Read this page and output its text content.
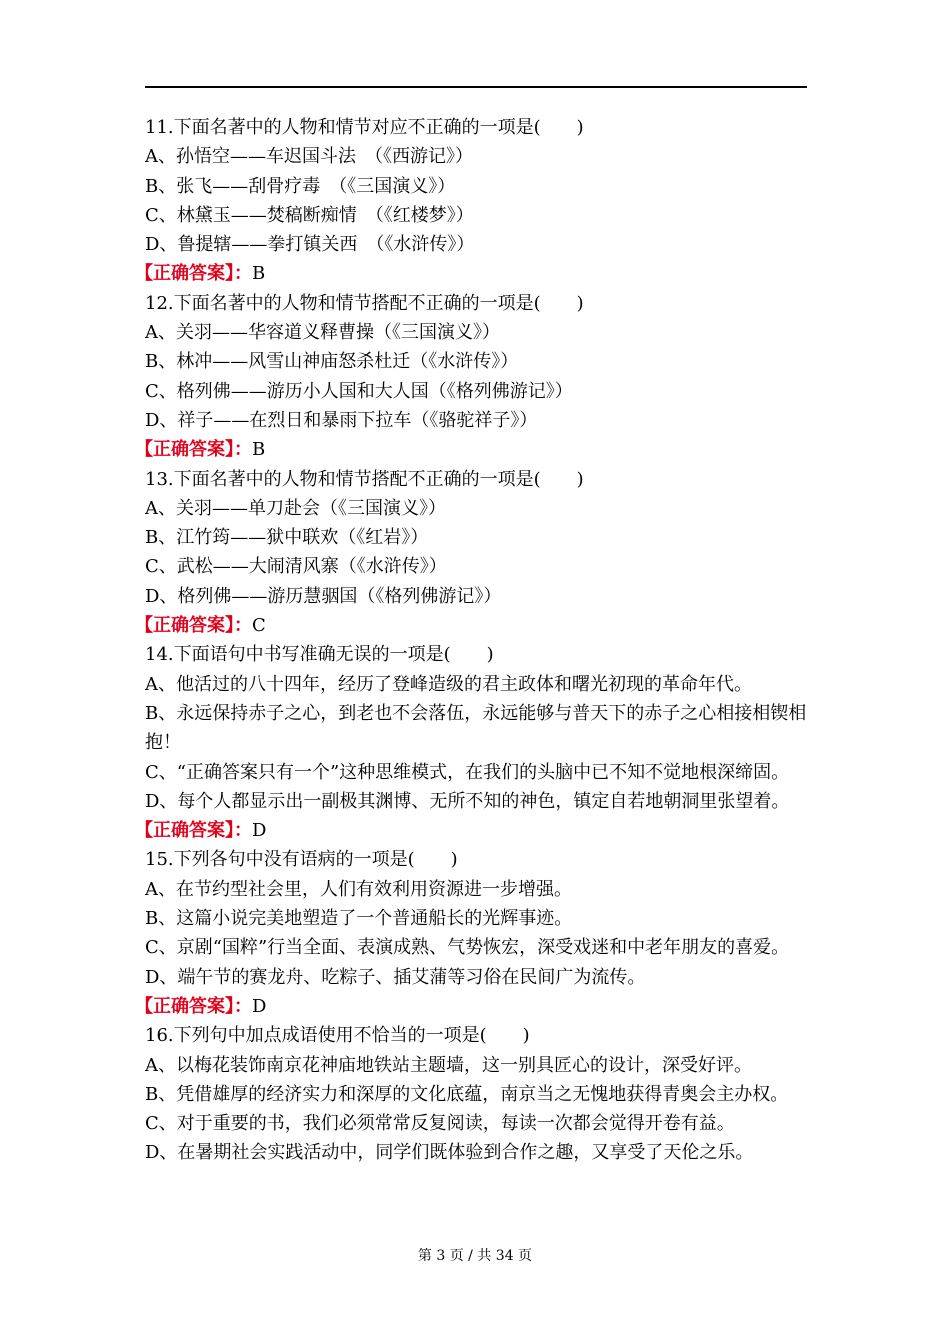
11.下面名著中的人物和情节对应不正确的一项是(　　)
A、孙悟空——车迟国斗法　（《西游记》）
B、张飞——刮骨疗毒　（《三国演义》）
C、林黛玉——焚稿断痴情　（《红楼梦》）
D、鲁提辖——拳打镇关西　（《水浒传》）
【正确答案】：B
12.下面名著中的人物和情节搭配不正确的一项是(　　)
A、关羽——华容道义释曹操（《三国演义》）
B、林冲——风雪山神庙怒杀杜迁（《水浒传》）
C、格列佛——游历小人国和大人国（《格列佛游记》）
D、祥子——在烈日和暴雨下拉车（《骆驼祥子》）
【正确答案】：B
13.下面名著中的人物和情节搭配不正确的一项是(　　)
A、关羽——单刀赴会（《三国演义》）
B、江竹筠——狱中联欢（《红岩》）
C、武松——大闹清风寨（《水浒传》）
D、格列佛——游历慧骃国（《格列佛游记》）
【正确答案】：C
14.下面语句中书写准确无误的一项是(　　)
A、他活过的八十四年，经历了登峰造级的君主政体和曙光初现的革命年代。
B、永远保持赤子之心，到老也不会落伍，永远能够与普天下的赤子之心相接相锲相抱！
C、“正确答案只有一个”这种思维模式，在我们的头脑中已不知不觉地根深缔固。
D、每个人都显示出一副极其渊博、无所不知的神色，镇定自若地朝洞里张望着。
【正确答案】：D
15.下列各句中没有语病的一项是(　　)
A、在节约型社会里，人们有效利用资源进一步增强。
B、这篇小说完美地塑造了一个普通船长的光辉事迹。
C、京剧“国粹”行当全面、表演成熟、气势恢宏，深受戏迷和中老年朋友的喜爱。
D、端午节的赛龙舟、吃粽子、插艾蒲等习俗在民间广为流传。
【正确答案】：D
16.下列句中加点成语使用不恰当的一项是(　　)
A、以梅花装饰南京花神庙地铁站主题墙，这一别具匠心的设计，深受好评。
B、凭借雄厚的经济实力和深厚的文化底蕴，南京当之无愧地获得青奥会主办权。
C、对于重要的书，我们必须常常反复阅读，每读一次都会觉得开卷有益。
D、在暑期社会实践活动中，同学们既体验到合作之趣，又享受了天伦之乐。
第 3 页 / 共 34 页
